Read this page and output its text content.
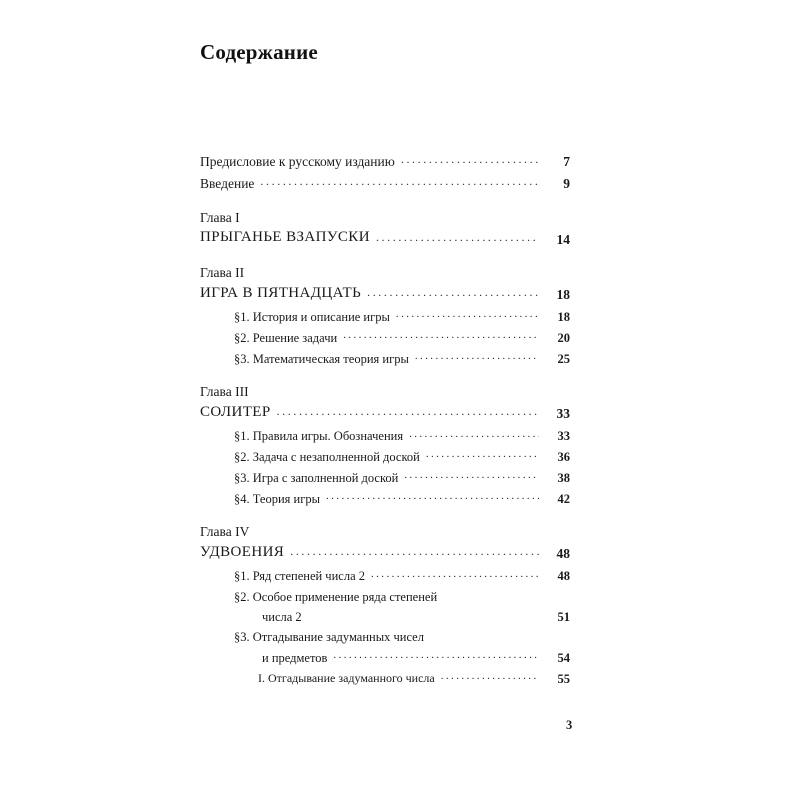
Содержание
Предисловие к русскому изданию .....	7
Введение .....	9
Глава I
ПРЫГАНЬЕ ВЗАПУСКИ .....	14
Глава II
ИГРА В ПЯТНАДЦАТЬ .....	18
§1. История и описание игры .....	18
§2. Решение задачи .....	20
§3. Математическая теория игры .....	25
Глава III
СОЛИТЕР .....	33
§1. Правила игры. Обозначения .....	33
§2. Задача с незаполненной доской .....	36
§3. Игра с заполненной доской .....	38
§4. Теория игры .....	42
Глава IV
УДВОЕНИЯ .....	48
§1. Ряд степеней числа 2 .....	48
§2. Особое применение ряда степеней
числа 2	51
§3. Отгадывание задуманных чисел
и предметов .....	54
I. Отгадывание задуманного числа .....	55
3
